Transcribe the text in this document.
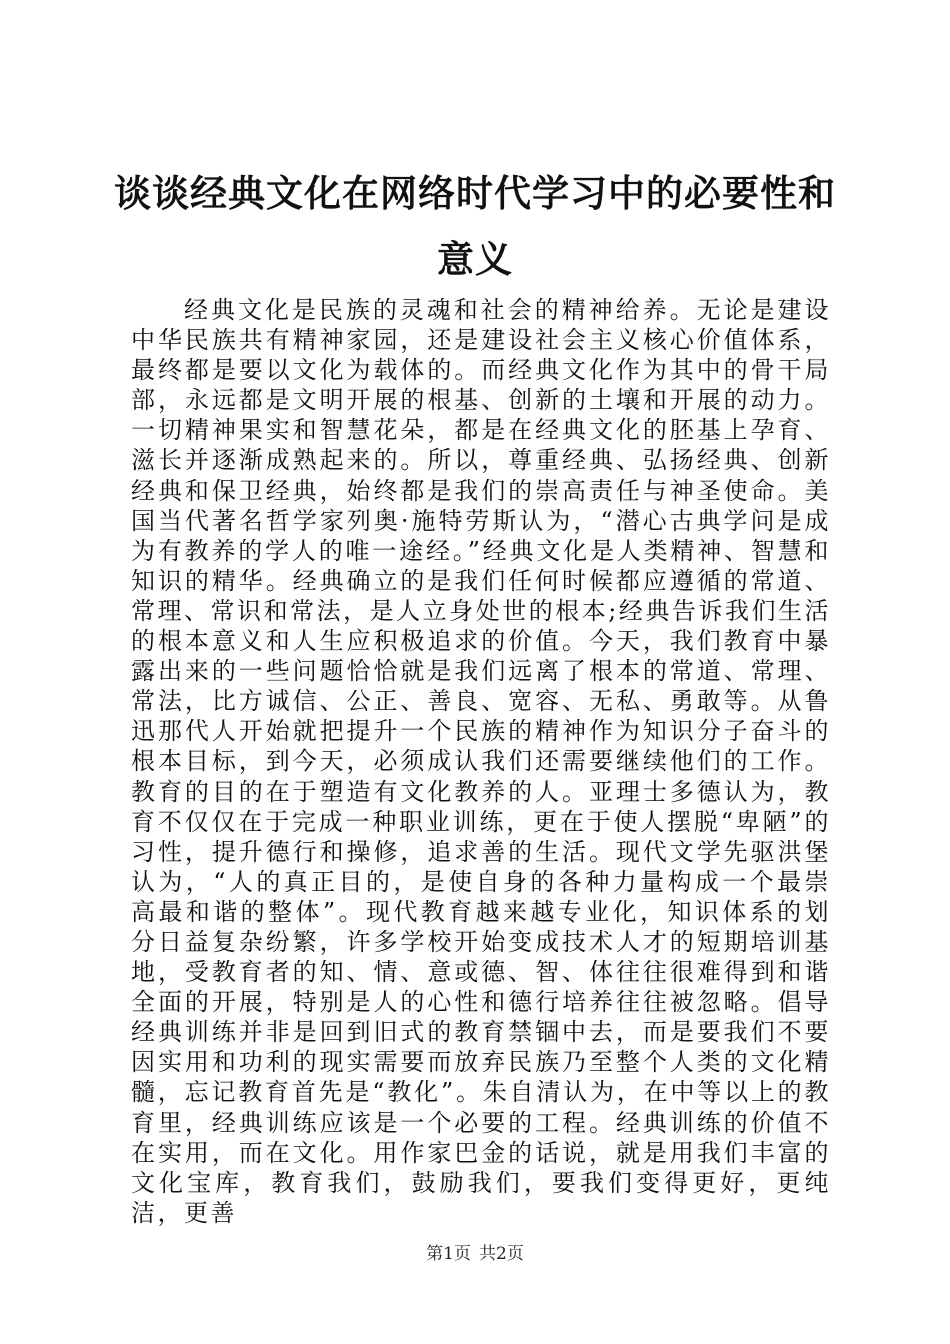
谈谈经典文化在网络时代学习中的必要性和意义

经典文化是民族的灵魂和社会的精神给养。无论是建设中华民族共有精神家园，还是建设社会主义核心价值体系，最终都是要以文化为载体的。而经典文化作为其中的骨干局部，永远都是文明开展的根基、创新的土壤和开展的动力。一切精神果实和智慧花朵，都是在经典文化的胚基上孕育、滋长并逐渐成熟起来的。所以，尊重经典、弘扬经典、创新经典和保卫经典，始终都是我们的崇高责任与神圣使命。美国当代著名哲学家列奥·施特劳斯认为，“潜心古典学问是成为有教养的学人的唯一途经。”经典文化是人类精神、智慧和知识的精华。经典确立的是我们任何时候都应遵循的常道、常理、常识和常法，是人立身处世的根本;经典告诉我们生活的根本意义和人生应积极追求的价值。今天，我们教育中暴露出来的一些问题恰恰就是我们远离了根本的常道、常理、常法，比方诚信、公正、善良、宽容、无私、勇敢等。从鲁迅那代人开始就把提升一个民族的精神作为知识分子奋斗的根本目标，到今天，必须成认我们还需要继续他们的工作。教育的目的在于塑造有文化教养的人。亚理士多德认为，教育不仅仅在于完成一种职业训练，更在于使人摆脱“卑陋”的习性，提升德行和操修，追求善的生活。现代文学先驱洪堡认为，“人的真正目的，是使自身的各种力量构成一个最崇高最和谐的整体”。现代教育越来越专业化，知识体系的划分日益复杂纷繁，许多学校开始变成技术人才的短期培训基地，受教育者的知、情、意或德、智、体往往很难得到和谐全面的开展，特别是人的心性和德行培养往往被忽略。倡导经典训练并非是回到旧式的教育禁锢中去，而是要我们不要因实用和功利的现实需要而放弃民族乃至整个人类的文化精髓，忘记教育首先是“教化”。朱自清认为，在中等以上的教育里，经典训练应该是一个必要的工程。经典训练的价值不在实用，而在文化。用作家巴金的话说，就是用我们丰富的文化宝库，教育我们，鼓励我们，要我们变得更好，更纯洁，更善

第1页 共2页
